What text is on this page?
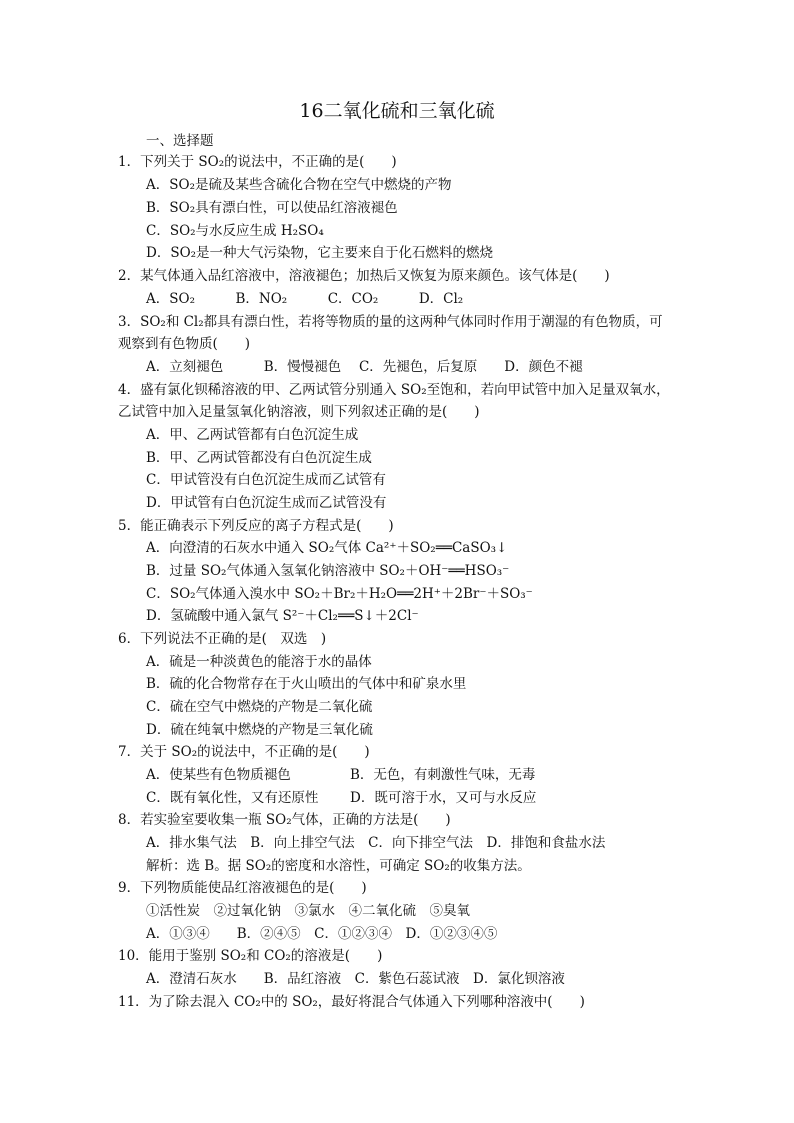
16二氧化硫和三氧化硫
一、选择题
1．下列关于 SO₂的说法中，不正确的是(　　)
A．SO₂是硫及某些含硫化合物在空气中燃烧的产物
B．SO₂具有漂白性，可以使品红溶液褪色
C．SO₂与水反应生成 H₂SO₄
D．SO₂是一种大气污染物，它主要来自于化石燃料的燃烧
2．某气体通入品红溶液中，溶液褪色；加热后又恢复为原来颜色。该气体是(　　)
A．SO₂　　　B．NO₂　　　C．CO₂　　　D．Cl₂
3．SO₂和 Cl₂都具有漂白性，若将等物质的量的这两种气体同时作用于潮湿的有色物质，可
观察到有色物质(　　)
A．立刻褪色　　　B．慢慢褪色　 C．先褪色，后复原　　D．颜色不褪
4．盛有氯化钡稀溶液的甲、乙两试管分别通入 SO₂至饱和，若向甲试管中加入足量双氧水，
乙试管中加入足量氢氧化钠溶液，则下列叙述正确的是(　　)
A．甲、乙两试管都有白色沉淀生成
B．甲、乙两试管都没有白色沉淀生成
C．甲试管没有白色沉淀生成而乙试管有
D．甲试管有白色沉淀生成而乙试管没有
5．能正确表示下列反应的离子方程式是(　　)
A．向澄清的石灰水中通入 SO₂气体 Ca²⁺＋SO₂══CaSO₃↓
B．过量 SO₂气体通入氢氧化钠溶液中 SO₂＋OH⁻══HSO₃⁻
C．SO₂气体通入溴水中 SO₂＋Br₂＋H₂O══2H⁺＋2Br⁻＋SO₃⁻
D．氢硫酸中通入氯气 S²⁻＋Cl₂══S↓＋2Cl⁻
6．下列说法不正确的是(　双选　)
A．硫是一种淡黄色的能溶于水的晶体
B．硫的化合物常存在于火山喷出的气体中和矿泉水里
C．硫在空气中燃烧的产物是二氧化硫
D．硫在纯氧中燃烧的产物是三氧化硫
7．关于 SO₂的说法中，不正确的是(　　)
A．使某些有色物质褪色	B．无色，有刺激性气味，无毒
C．既有氧化性，又有还原性 D．既可溶于水，又可与水反应
8．若实验室要收集一瓶 SO₂气体，正确的方法是(　　)
A．排水集气法　B．向上排空气法　C．向下排空气法　D．排饱和食盐水法
解析：选 B。据 SO₂的密度和水溶性，可确定 SO₂的收集方法。
9．下列物质能使品红溶液褪色的是(　　)
①活性炭　②过氧化钠　③氯水　④二氧化硫　⑤臭氧
A．①③④　　B．②④⑤　C．①②③④　D．①②③④⑤
10．能用于鉴别 SO₂和 CO₂的溶液是(　　)
A．澄清石灰水　　B．品红溶液　C．紫色石蕊试液　D．氯化钡溶液
11．为了除去混入 CO₂中的 SO₂，最好将混合气体通入下列哪种溶液中(　　)
